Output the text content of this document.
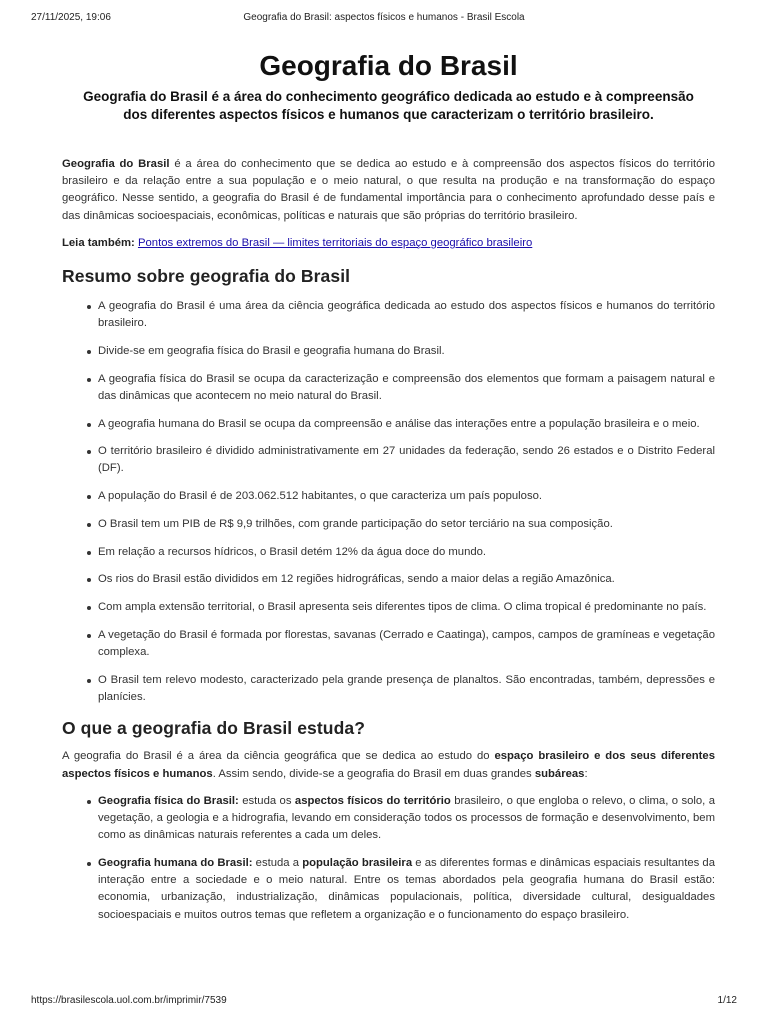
27/11/2025, 19:06	Geografia do Brasil: aspectos físicos e humanos - Brasil Escola
Geografia do Brasil
Geografia do Brasil é a área do conhecimento geográfico dedicada ao estudo e à compreensão dos diferentes aspectos físicos e humanos que caracterizam o território brasileiro.

Geografia do Brasil é a área do conhecimento que se dedica ao estudo e à compreensão dos aspectos físicos do território brasileiro e da relação entre a sua população e o meio natural, o que resulta na produção e na transformação do espaço geográfico. Nesse sentido, a geografia do Brasil é de fundamental importância para o conhecimento aprofundado desse país e das dinâmicas socioespaciais, econômicas, políticas e naturais que são próprias do território brasileiro.

Leia também: Pontos extremos do Brasil — limites territoriais do espaço geográfico brasileiro

Resumo sobre geografia do Brasil
A geografia do Brasil é uma área da ciência geográfica dedicada ao estudo dos aspectos físicos e humanos do território brasileiro.
Divide-se em geografia física do Brasil e geografia humana do Brasil.
A geografia física do Brasil se ocupa da caracterização e compreensão dos elementos que formam a paisagem natural e das dinâmicas que acontecem no meio natural do Brasil.
A geografia humana do Brasil se ocupa da compreensão e análise das interações entre a população brasileira e o meio.
O território brasileiro é dividido administrativamente em 27 unidades da federação, sendo 26 estados e o Distrito Federal (DF).
A população do Brasil é de 203.062.512 habitantes, o que caracteriza um país populoso.
O Brasil tem um PIB de R$ 9,9 trilhões, com grande participação do setor terciário na sua composição.
Em relação a recursos hídricos, o Brasil detém 12% da água doce do mundo.
Os rios do Brasil estão divididos em 12 regiões hidrográficas, sendo a maior delas a região Amazônica.
Com ampla extensão territorial, o Brasil apresenta seis diferentes tipos de clima. O clima tropical é predominante no país.
A vegetação do Brasil é formada por florestas, savanas (Cerrado e Caatinga), campos, campos de gramíneas e vegetação complexa.
O Brasil tem relevo modesto, caracterizado pela grande presença de planaltos. São encontradas, também, depressões e planícies.
O que a geografia do Brasil estuda?

A geografia do Brasil é a área da ciência geográfica que se dedica ao estudo do espaço brasileiro e dos seus diferentes aspectos físicos e humanos. Assim sendo, divide-se a geografia do Brasil em duas grandes subáreas:

Geografia física do Brasil: estuda os aspectos físicos do território brasileiro, o que engloba o relevo, o clima, o solo, a vegetação, a geologia e a hidrografia, levando em consideração todos os processos de formação e desenvolvimento, bem como as dinâmicas naturais referentes a cada um deles.
Geografia humana do Brasil: estuda a população brasileira e as diferentes formas e dinâmicas espaciais resultantes da interação entre a sociedade e o meio natural. Entre os temas abordados pela geografia humana do Brasil estão: economia, urbanização, industrialização, dinâmicas populacionais, política, diversidade cultural, desigualdades socioespaciais e muitos outros temas que refletem a organização e o funcionamento do espaço brasileiro.
https://brasilescola.uol.com.br/imprimir/7539	1/12
